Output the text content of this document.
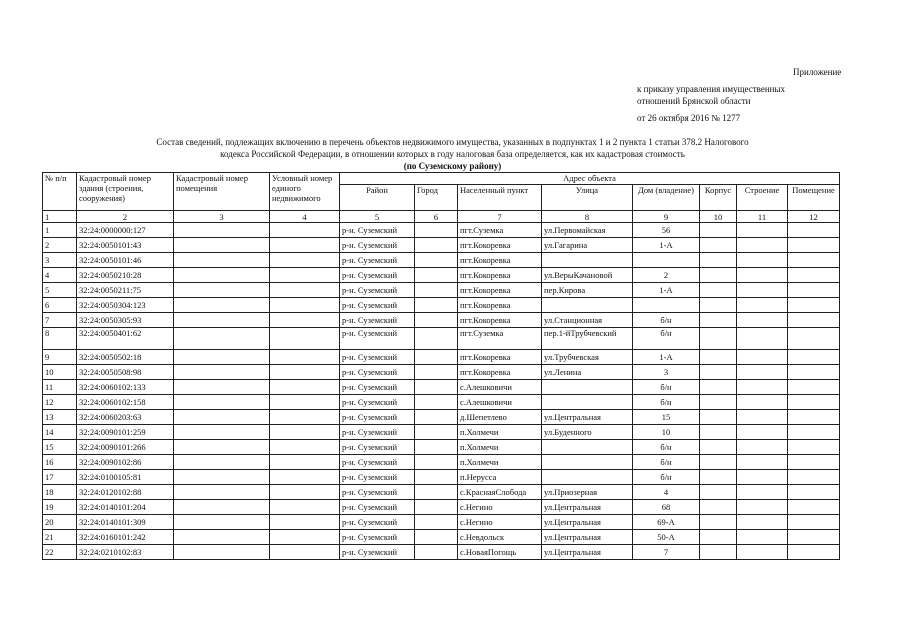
Приложение
к приказу управления имущественных
отношений Брянской области
от 26 октября 2016 № 1277
Состав сведений, подлежащих включению в перечень объектов недвижимого имущества, указанных в подпунктах 1 и 2 пункта 1 статьи 378.2 Налогового
кодекса Российской Федерации, в отношении которых в году налоговая база определяется, как их кадастровая стоимость
(по Суземскому району)
№ п/п	Кадастровый номер здания (строения, сооружения)	Кадастровый номер помещения	Условный номер единого недвижимого	Адрес объекта							
				Район	Город	Населенный пункт	Улица	Дом (владение)	Корпус	Строение	Помещение
1	2	3	4	5	6	7	8	9	10	11	12
1	32:24:0000000:127			р-н. Суземский		пгт.Суземка	ул.Первомайская	56			
2	32:24:0050101:43			р-н. Суземский		пгт.Кокоревка	ул.Гагарина	1-А			
3	32:24:0050101:46			р-н. Суземский		пгт.Кокоревка					
4	32:24:0050210:28			р-н. Суземский		пгт.Кокоревка	ул.ВерыКачановой	2			
5	32:24:0050211:75			р-н. Суземский		пгт.Кокоревка	пер.Кирова	1-А			
6	32:24:0050304:123			р-н. Суземский		пгт.Кокоревка					
7	32:24:0050305:93			р-н. Суземский		пгт.Кокоревка	ул.Станционная	б/н			
8	32:24:0050401:62			р-н. Суземский		пгт.Суземка	пер.1-йТрубчевский	б/н			
9	32:24:0050502:18			р-н. Суземский		пгт.Кокоревка	ул.Трубчевская	1-А			
10	32:24:0050508:98			р-н. Суземский		пгт.Кокоревка	ул.Ленина	3			
11	32:24:0060102:133			р-н. Суземский		с.Алешковичи		б/н			
12	32:24:0060102:158			р-н. Суземский		с.Алешковичи		б/н			
13	32:24:0060203:63			р-н. Суземский		д.Шепетлево	ул.Центральная	15			
14	32:24:0090101:259			р-н. Суземский		п.Холмечи	ул.Буденного	10			
15	32:24:0090101:266			р-н. Суземский		п.Холмечи		б/н			
16	32:24:0090102:86			р-н. Суземский		п.Холмечи		б/н			
17	32:24:0100105:81			р-н. Суземский		п.Нерусса		б/н			
18	32:24:0120102:88			р-н. Суземский		с.КраснаяСлобода	ул.Приозерная	4			
19	32:24:0140101:204			р-н. Суземский		с.Негино	ул.Центральная	68			
20	32:24:0140101:309			р-н. Суземский		с.Негино	ул.Центральная	69-А			
21	32:24:0160101:242			р-н. Суземский		с.Невдольск	ул.Центральная	50-А			
22	32:24:0210102:83			р-н. Суземский		с.НоваяПогощь	ул.Центральная	7			
